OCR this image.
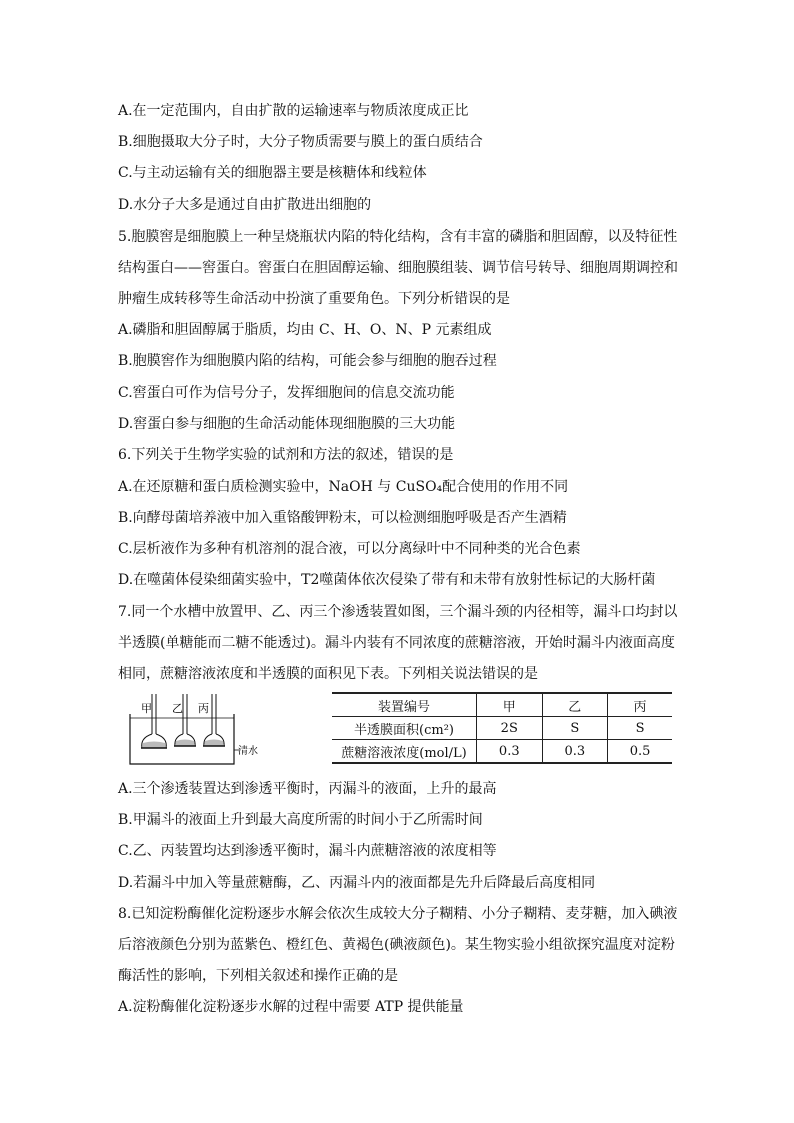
A.在一定范围内，自由扩散的运输速率与物质浓度成正比
B.细胞摄取大分子时，大分子物质需要与膜上的蛋白质结合
C.与主动运输有关的细胞器主要是核糖体和线粒体
D.水分子大多是通过自由扩散进出细胞的
5.胞膜窖是细胞膜上一种呈烧瓶状内陷的特化结构，含有丰富的磷脂和胆固醇，以及特征性
结构蛋白——窖蛋白。窖蛋白在胆固醇运输、细胞膜组装、调节信号转导、细胞周期调控和
肿瘤生成转移等生命活动中扮演了重要角色。下列分析错误的是
A.磷脂和胆固醇属于脂质，均由 C、H、O、N、P 元素组成
B.胞膜窖作为细胞膜内陷的结构，可能会参与细胞的胞吞过程
C.窖蛋白可作为信号分子，发挥细胞间的信息交流功能
D.窖蛋白参与细胞的生命活动能体现细胞膜的三大功能
6.下列关于生物学实验的试剂和方法的叙述，错误的是
A.在还原糖和蛋白质检测实验中，NaOH 与 CuSO₄配合使用的作用不同
B.向酵母菌培养液中加入重铬酸钾粉末，可以检测细胞呼吸是否产生酒精
C.层析液作为多种有机溶剂的混合液，可以分离绿叶中不同种类的光合色素
D.在噬菌体侵染细菌实验中，T2噬菌体依次侵染了带有和未带有放射性标记的大肠杆菌
7.同一个水槽中放置甲、乙、丙三个渗透装置如图，三个漏斗颈的内径相等，漏斗口均封以
半透膜(单糖能而二糖不能透过)。漏斗内装有不同浓度的蔗糖溶液，开始时漏斗内液面高度
相同，蔗糖溶液浓度和半透膜的面积见下表。下列相关说法错误的是
甲 乙 丙
清水
装置编号	甲	乙	丙
半透膜面积(cm²)	2S	S	S
蔗糖溶液浓度(mol/L)	0.3	0.3	0.5
A.三个渗透装置达到渗透平衡时，丙漏斗的液面，上升的最高
B.甲漏斗的液面上升到最大高度所需的时间小于乙所需时间
C.乙、丙装置均达到渗透平衡时，漏斗内蔗糖溶液的浓度相等
D.若漏斗中加入等量蔗糖酶，乙、丙漏斗内的液面都是先升后降最后高度相同
8.已知淀粉酶催化淀粉逐步水解会依次生成较大分子糊精、小分子糊精、麦芽糖，加入碘液
后溶液颜色分别为蓝紫色、橙红色、黄褐色(碘液颜色)。某生物实验小组欲探究温度对淀粉
酶活性的影响，下列相关叙述和操作正确的是
A.淀粉酶催化淀粉逐步水解的过程中需要 ATP 提供能量
